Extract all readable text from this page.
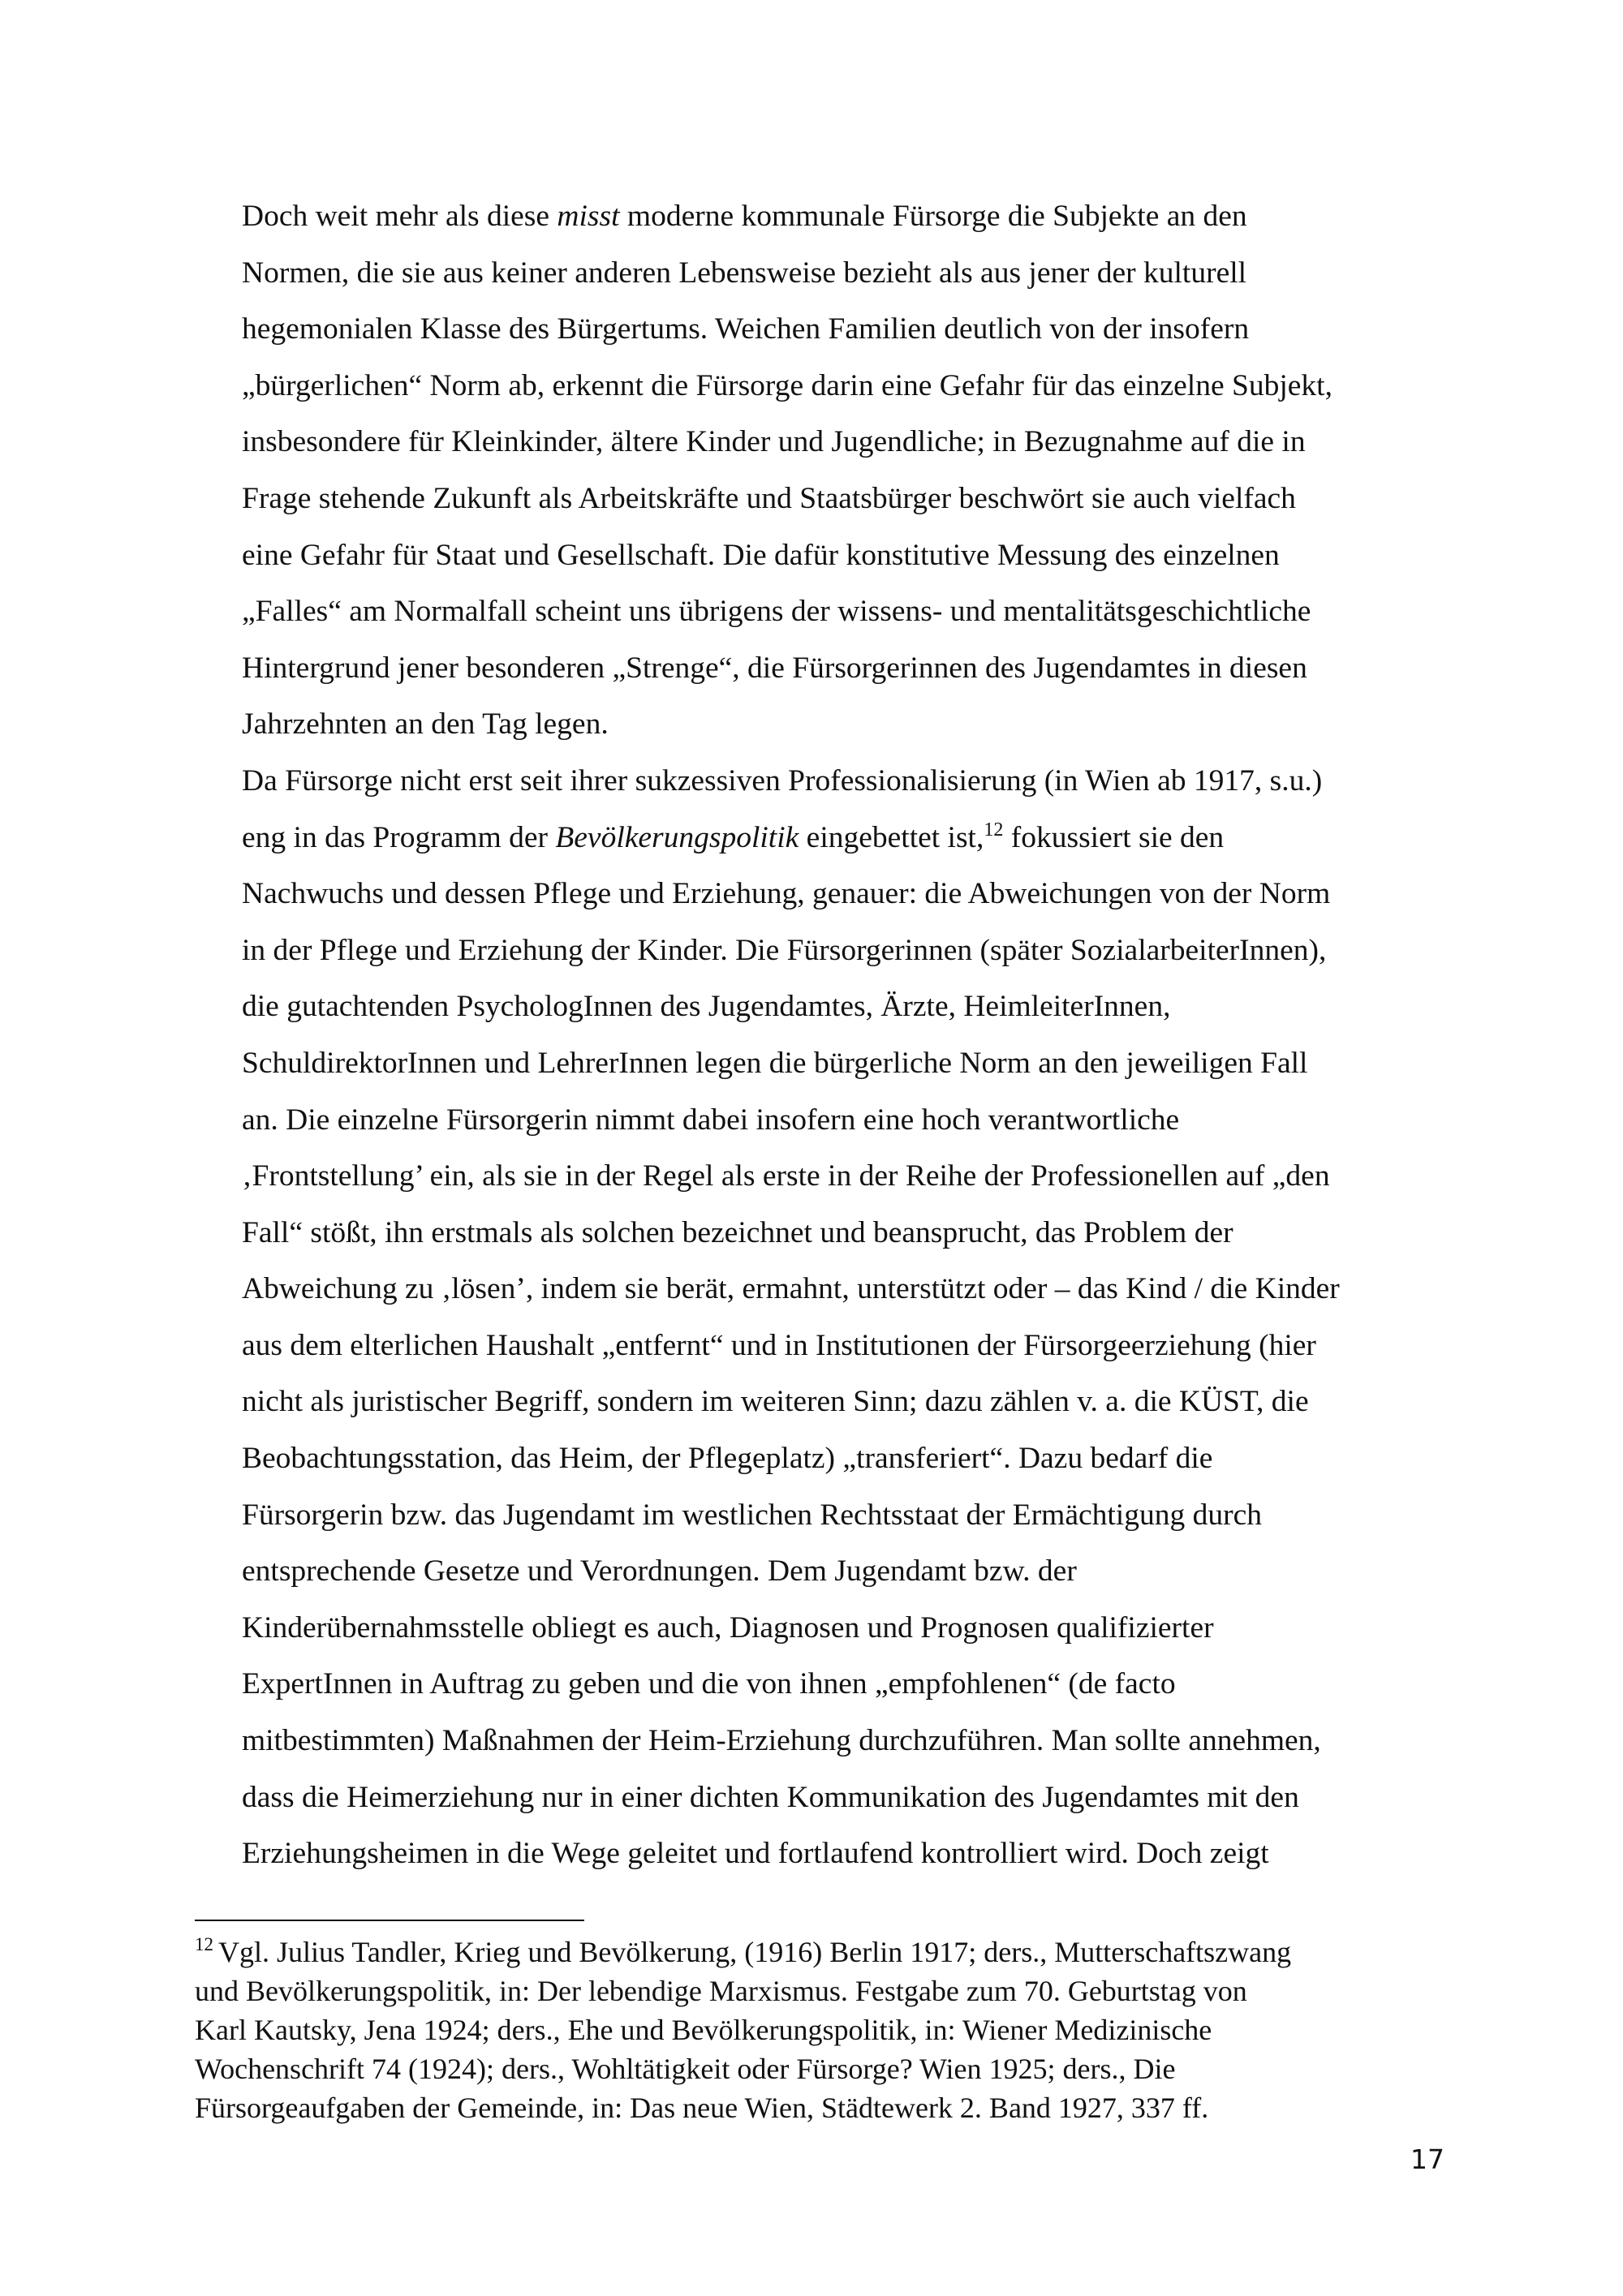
Doch weit mehr als diese misst moderne kommunale Fürsorge die Subjekte an den
Normen, die sie aus keiner anderen Lebensweise bezieht als aus jener der kulturell
hegemonialen Klasse des Bürgertums. Weichen Familien deutlich von der insofern
„bürgerlichen“ Norm ab, erkennt die Fürsorge darin eine Gefahr für das einzelne Subjekt,
insbesondere für Kleinkinder, ältere Kinder und Jugendliche; in Bezugnahme auf die in
Frage stehende Zukunft als Arbeitskräfte und Staatsbürger beschwört sie auch vielfach
eine Gefahr für Staat und Gesellschaft. Die dafür konstitutive Messung des einzelnen
„Falles“ am Normalfall scheint uns übrigens der wissens- und mentalitätsgeschichtliche
Hintergrund jener besonderen „Strenge“, die Fürsorgerinnen des Jugendamtes in diesen
Jahrzehnten an den Tag legen.
Da Fürsorge nicht erst seit ihrer sukzessiven Professionalisierung (in Wien ab 1917, s.u.)
eng in das Programm der Bevölkerungspolitik eingebettet ist,$^{12}$ fokussiert sie den
Nachwuchs und dessen Pflege und Erziehung, genauer: die Abweichungen von der Norm
in der Pflege und Erziehung der Kinder. Die Fürsorgerinnen (später SozialarbeiterInnen),
die gutachtenden PsychologInnen des Jugendamtes, Ärzte, HeimleiterInnen,
SchuldirektorInnen und LehrerInnen legen die bürgerliche Norm an den jeweiligen Fall
an. Die einzelne Fürsorgerin nimmt dabei insofern eine hoch verantwortliche
‚Frontstellung’ ein, als sie in der Regel als erste in der Reihe der Professionellen auf „den
Fall“ stößt, ihn erstmals als solchen bezeichnet und beansprucht, das Problem der
Abweichung zu ‚lösen’, indem sie berät, ermahnt, unterstützt oder – das Kind / die Kinder
aus dem elterlichen Haushalt „entfernt“ und in Institutionen der Fürsorgeerziehung (hier
nicht als juristischer Begriff, sondern im weiteren Sinn; dazu zählen v. a. die KÜST, die
Beobachtungsstation, das Heim, der Pflegeplatz) „transferiert“. Dazu bedarf die
Fürsorgerin bzw. das Jugendamt im westlichen Rechtsstaat der Ermächtigung durch
entsprechende Gesetze und Verordnungen. Dem Jugendamt bzw. der
Kinderübernahmsstelle obliegt es auch, Diagnosen und Prognosen qualifizierter
ExpertInnen in Auftrag zu geben und die von ihnen „empfohlenen“ (de facto
mitbestimmten) Maßnahmen der Heim-Erziehung durchzuführen. Man sollte annehmen,
dass die Heimerziehung nur in einer dichten Kommunikation des Jugendamtes mit den
Erziehungsheimen in die Wege geleitet und fortlaufend kontrolliert wird. Doch zeigt
$^{12}$ Vgl. Julius Tandler, Krieg und Bevölkerung, (1916) Berlin 1917; ders., Mutterschaftszwang
und Bevölkerungspolitik, in: Der lebendige Marxismus. Festgabe zum 70. Geburtstag von
Karl Kautsky, Jena 1924; ders., Ehe und Bevölkerungspolitik, in: Wiener Medizinische
Wochenschrift 74 (1924); ders., Wohltätigkeit oder Fürsorge? Wien 1925; ders., Die
Fürsorgeaufgaben der Gemeinde, in: Das neue Wien, Städtewerk 2. Band 1927, 337 ff.
17
